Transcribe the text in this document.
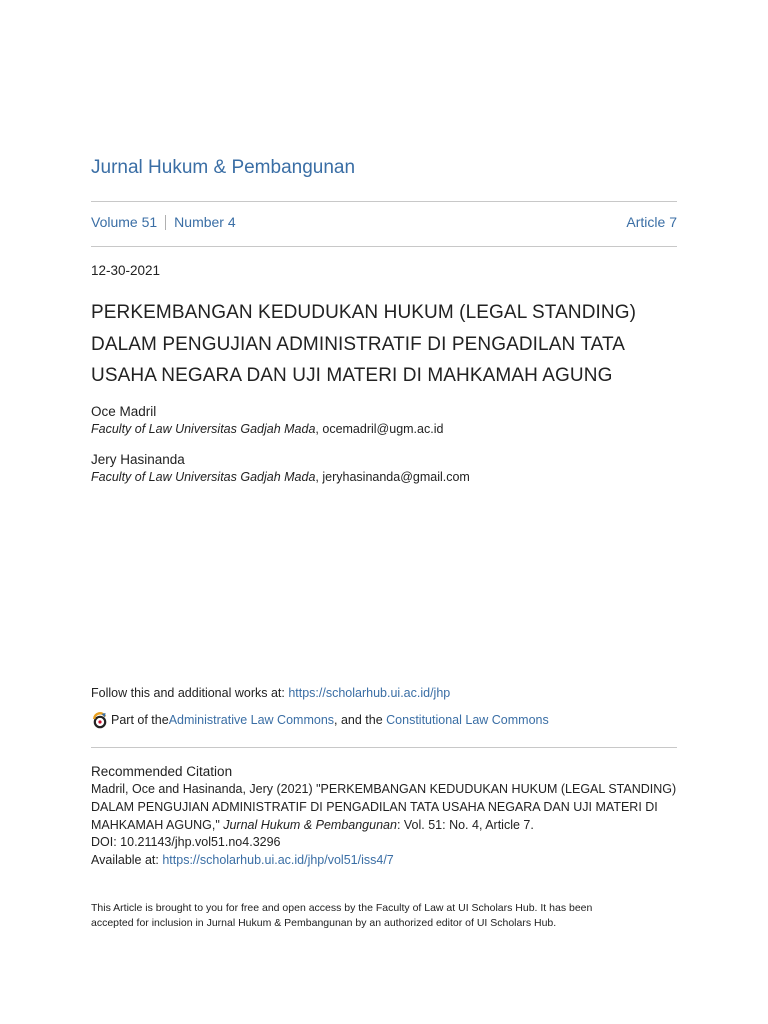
Jurnal Hukum & Pembangunan
Volume 51 Number 4	Article 7
12-30-2021
PERKEMBANGAN KEDUDUKAN HUKUM (LEGAL STANDING)
DALAM PENGUJIAN ADMINISTRATIF DI PENGADILAN TATA
USAHA NEGARA DAN UJI MATERI DI MAHKAMAH AGUNG
Oce Madril
Faculty of Law Universitas Gadjah Mada, ocemadril@ugm.ac.id
Jery Hasinanda
Faculty of Law Universitas Gadjah Mada, jeryhasinanda@gmail.com
Follow this and additional works at: https://scholarhub.ui.ac.id/jhp
Part of the Administrative Law Commons , and the Constitutional Law Commons
Recommended Citation
Madril, Oce and Hasinanda, Jery (2021) "PERKEMBANGAN KEDUDUKAN HUKUM (LEGAL STANDING)
DALAM PENGUJIAN ADMINISTRATIF DI PENGADILAN TATA USAHA NEGARA DAN UJI MATERI DI
MAHKAMAH AGUNG," Jurnal Hukum & Pembangunan: Vol. 51: No. 4, Article 7.
DOI: 10.21143/jhp.vol51.no4.3296
Available at: https://scholarhub.ui.ac.id/jhp/vol51/iss4/7
This Article is brought to you for free and open access by the Faculty of Law at UI Scholars Hub. It has been
accepted for inclusion in Jurnal Hukum & Pembangunan by an authorized editor of UI Scholars Hub.
